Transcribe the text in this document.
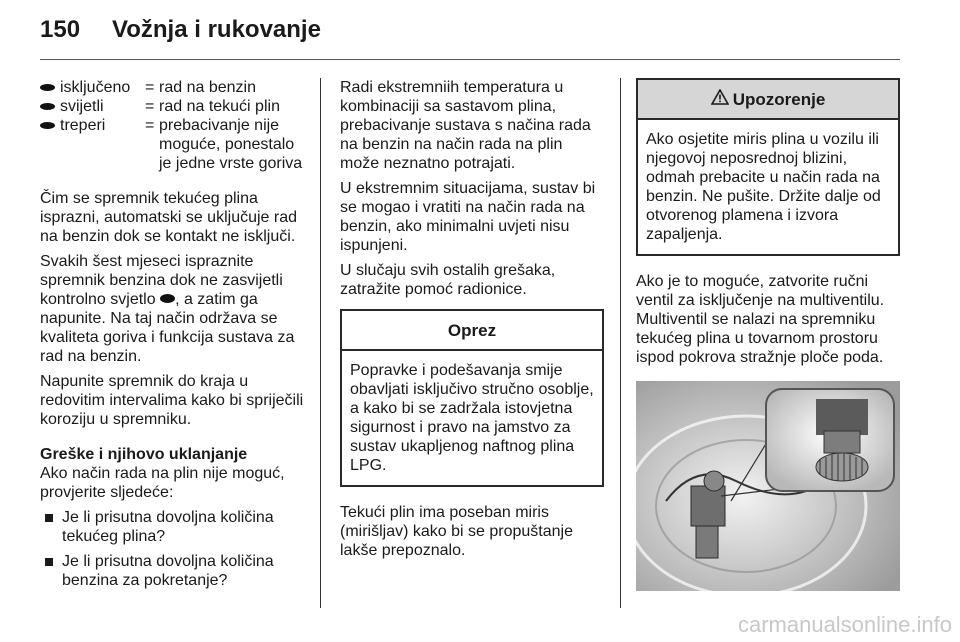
150 Vožnja i rukovanje
isključeno = rad na benzin
svijetli	= rad na tekući plin
treperi = prebacivanje nije moguće, ponestalo je jedne vrste goriva

Čim se spremnik tekućeg plina isprazni, automatski se uključuje rad na benzin dok se kontakt ne isključi.

Svakih šest mjeseci ispraznite spremnik benzina dok ne zasvijetli kontrolno svjetlo , a zatim ga napunite. Na taj način održava se kvaliteta goriva i funkcija sustava za rad na benzin.

Napunite spremnik do kraja u redovitim intervalima kako bi spriječili koroziju u spremniku.

Greške i njihovo uklanjanje

Ako način rada na plin nije moguć, provjerite sljedeće:

Je li prisutna dovoljna količina tekućeg plina?
Je li prisutna dovoljna količina benzina za pokretanje?

Radi ekstremniih temperatura u kombinaciji sa sastavom plina, prebacivanje sustava s načina rada na benzin na način rada na plin može neznatno potrajati.

U ekstremnim situacijama, sustav bi se mogao i vratiti na način rada na benzin, ako minimalni uvjeti nisu ispunjeni.

U slučaju svih ostalih grešaka, zatražite pomoć radionice.

Oprez
Popravke i podešavanja smije obavljati isključivo stručno osoblje, a kako bi se zadržala istovjetna sigurnost i pravo na jamstvo za sustav ukapljenog naftnog plina LPG.

Tekući plin ima poseban miris (mirišljav) kako bi se propuštanje lakše prepoznalo.

Upozorenje
Ako osjetite miris plina u vozilu ili njegovoj neposrednoj blizini, odmah prebacite u način rada na benzin. Ne pušite. Držite dalje od otvorenog plamena i izvora zapaljenja.

Ako je to moguće, zatvorite ručni ventil za isključenje na multiventilu. Multiventil se nalazi na spremniku tekućeg plina u tovarnom prostoru ispod pokrova stražnje ploče poda.

carmanualsonline.info
